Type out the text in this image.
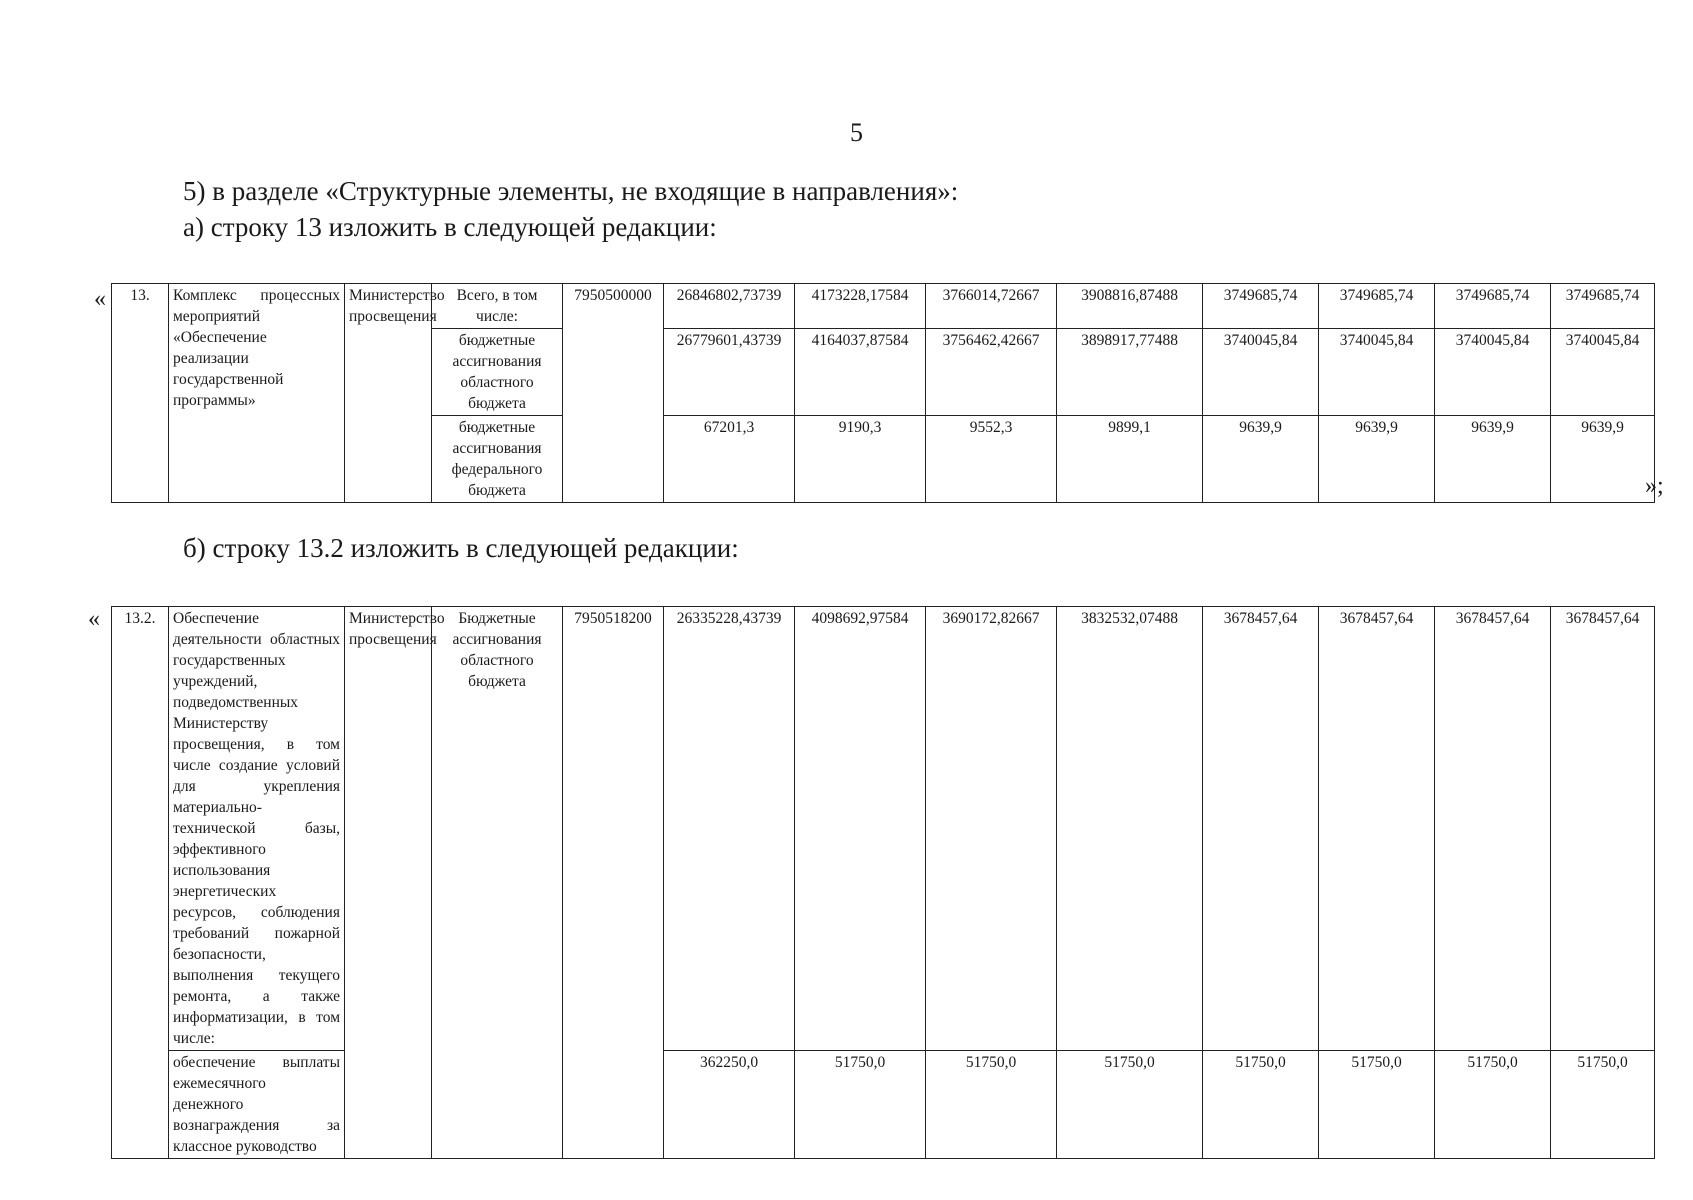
5
5) в разделе «Структурные элементы, не входящие в направления»:
а) строку 13 изложить в следующей редакции:
« 13.	Комплекс процессных мероприятий «Обеспечение реализации государственной программы»	Министерство просвещения	Всего, в том числе:	7950500000	26846802,73739	4173228,17584	3766014,72667	3908816,87488	3749685,74	3749685,74	3749685,74	3749685,74
			бюджетные ассигнования областного бюджета		26779601,43739	4164037,87584	3756462,42667	3898917,77488	3740045,84	3740045,84	3740045,84	3740045,84
			бюджетные ассигнования федерального бюджета		67201,3	9190,3	9552,3	9899,1	9639,9	9639,9	9639,9	9639,9
»;
б) строку 13.2 изложить в следующей редакции:
« 13.2.	Обеспечение деятельности областных государственных учреждений, подведомственных Министерству просвещения, в том числе создание условий для укрепления материально-технической базы, эффективного использования энергетических ресурсов, соблюдения требований пожарной безопасности, выполнения текущего ремонта, а также информатизации, в том числе:	Министерство просвещения	Бюджетные ассигнования областного бюджета	7950518200	26335228,43739	4098692,97584	3690172,82667	3832532,07488	3678457,64	3678457,64	3678457,64	3678457,64
	обеспечение выплаты ежемесячного денежного вознаграждения за классное руководство				362250,0	51750,0	51750,0	51750,0	51750,0	51750,0	51750,0	51750,0
